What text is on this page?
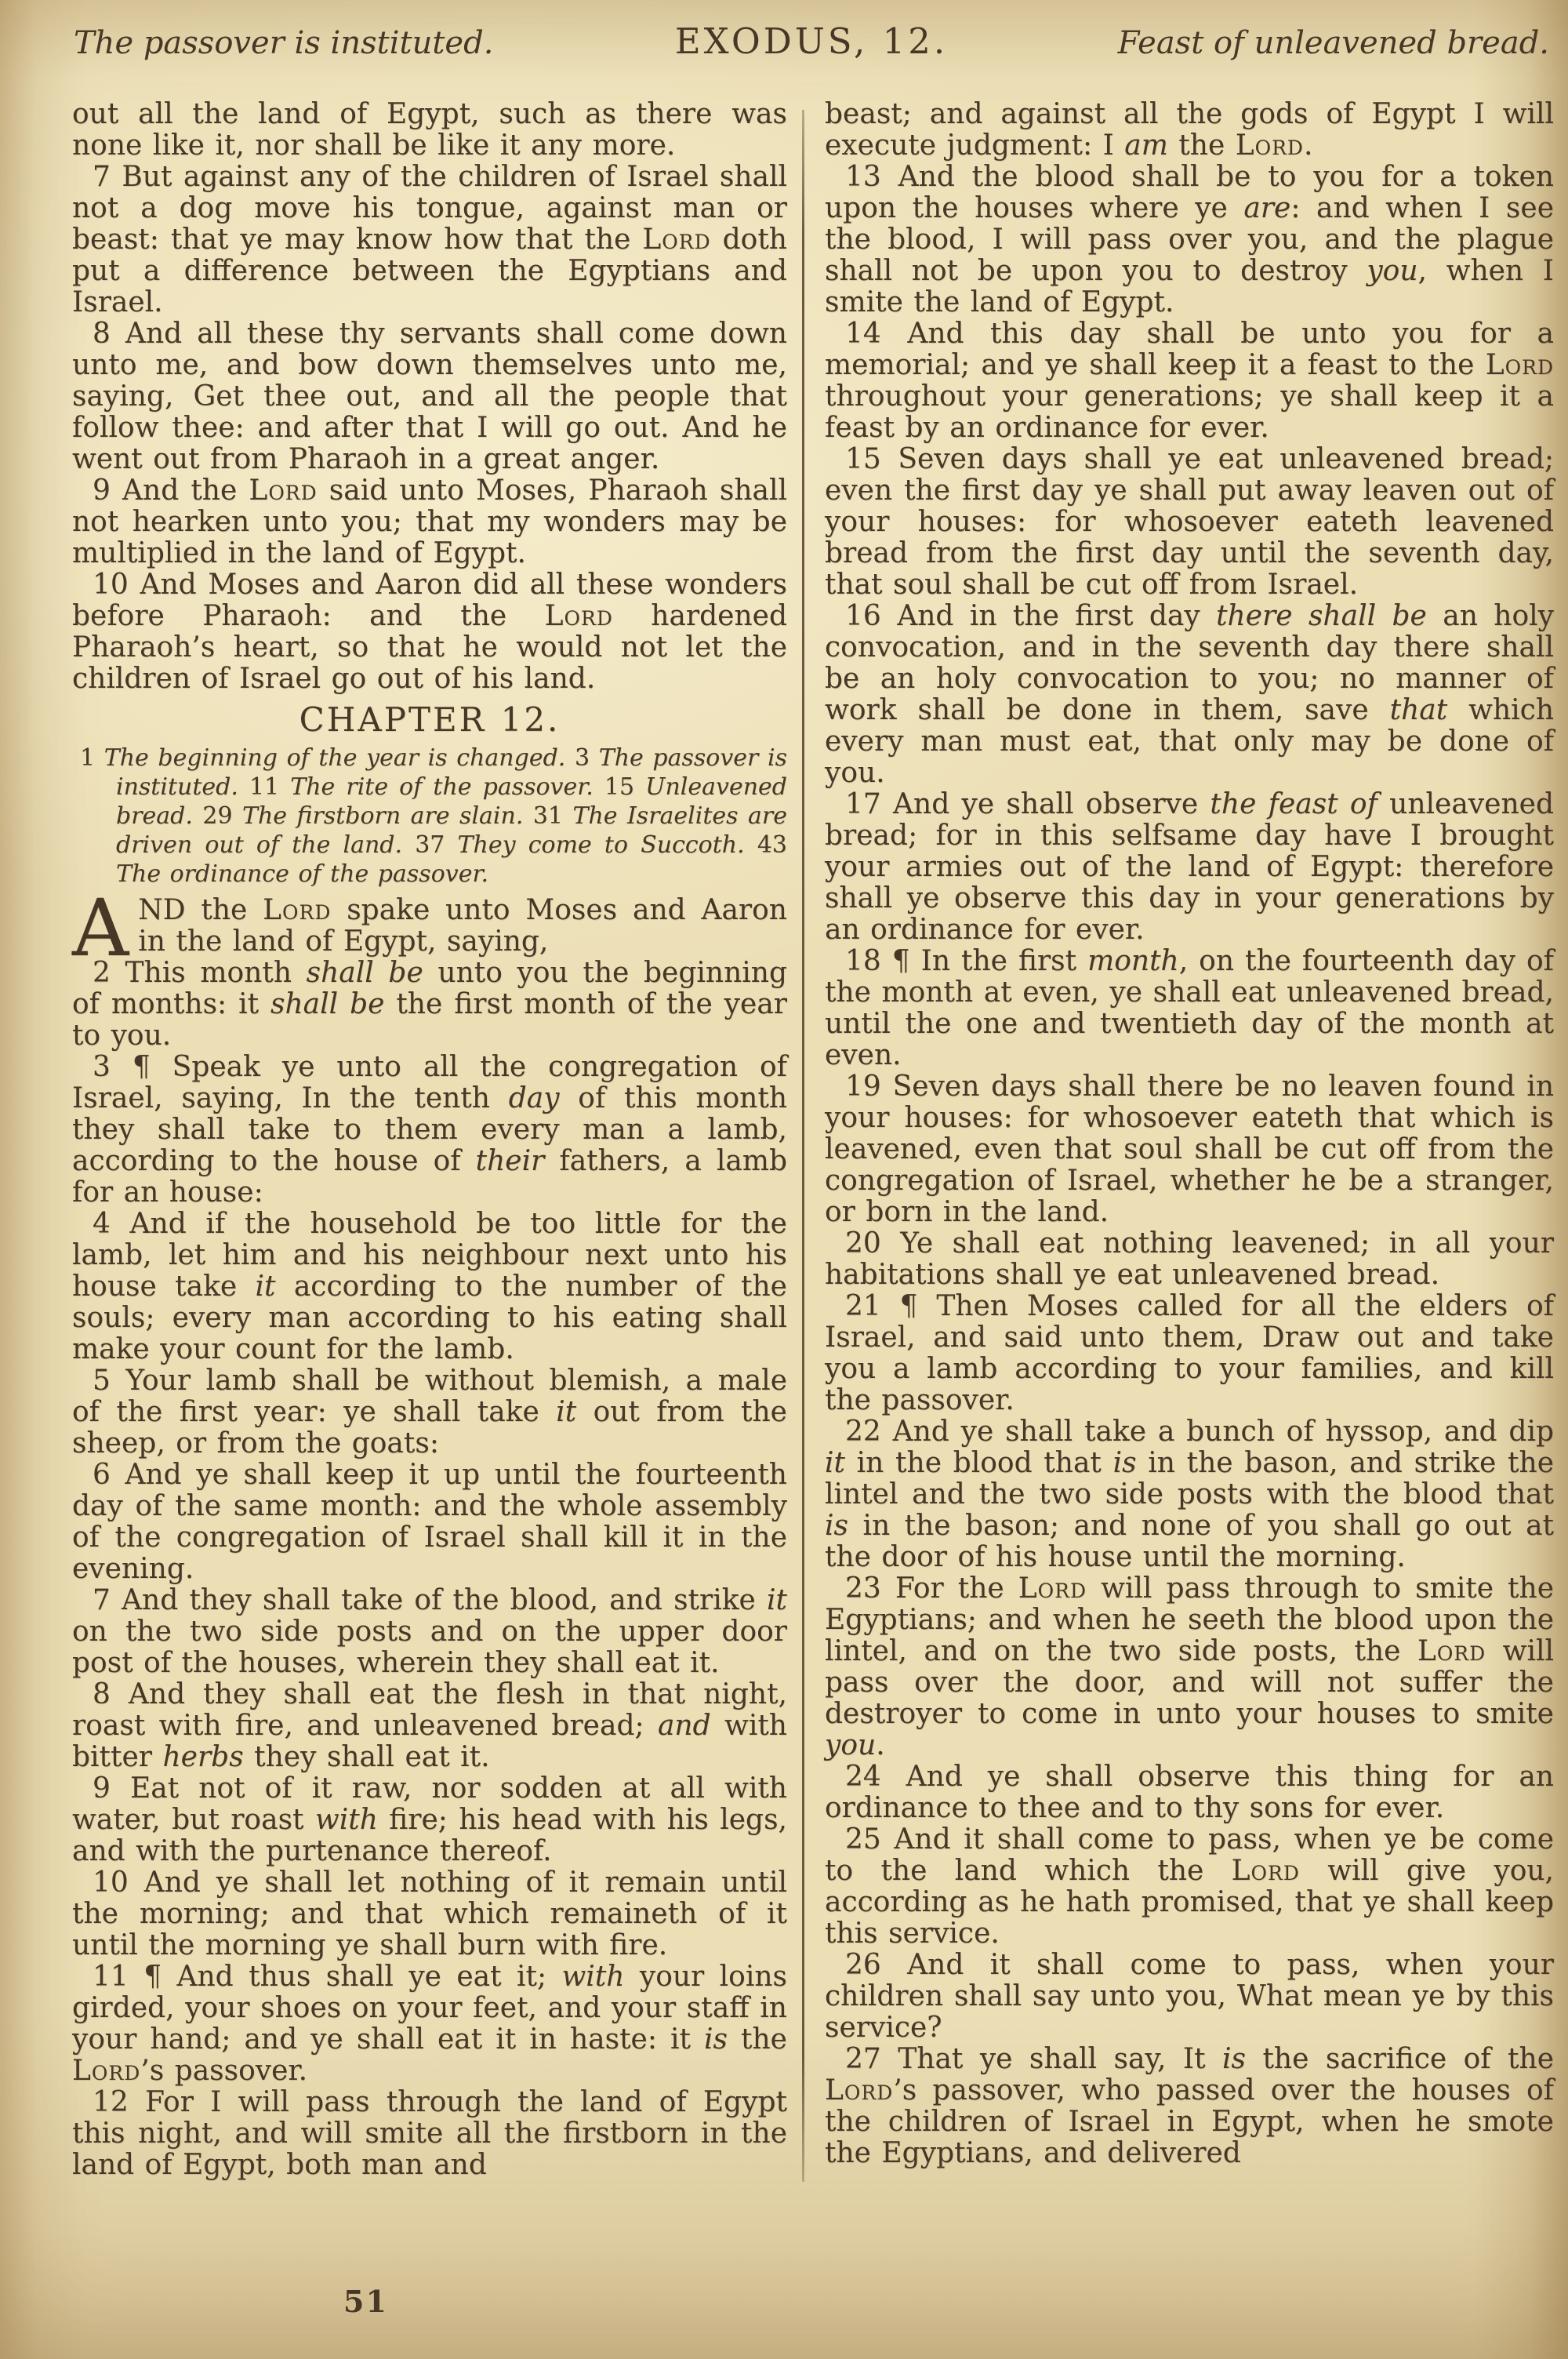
The passover is instituted.	EXODUS, 12.	Feast of unleavened bread.

out all the land of Egypt, such as there was none like it, nor shall be like it any more.

7 But against any of the children of Israel shall not a dog move his tongue, against man or beast: that ye may know how that the Lord doth put a difference between the Egyptians and Israel.

8 And all these thy servants shall come down unto me, and bow down themselves unto me, saying, Get thee out, and all the people that follow thee: and after that I will go out. And he went out from Pharaoh in a great anger.

9 And the Lord said unto Moses, Pharaoh shall not hearken unto you; that my wonders may be multiplied in the land of Egypt.

10 And Moses and Aaron did all these wonders before Pharaoh: and the Lord hardened Pharaoh’s heart, so that he would not let the children of Israel go out of his land.

CHAPTER 12.

1 The beginning of the year is changed. 3 The passover is instituted. 11 The rite of the passover. 15 Unleavened bread. 29 The firstborn are slain. 31 The Israelites are driven out of the land. 37 They come to Succoth. 43 The ordinance of the passover.

AND the Lord spake unto Moses and Aaron in the land of Egypt, saying,

2 This month shall be unto you the beginning of months: it shall be the first month of the year to you.

3 ¶ Speak ye unto all the congregation of Israel, saying, In the tenth day of this month they shall take to them every man a lamb, according to the house of their fathers, a lamb for an house:

4 And if the household be too little for the lamb, let him and his neighbour next unto his house take it according to the number of the souls; every man according to his eating shall make your count for the lamb.

5 Your lamb shall be without blemish, a male of the first year: ye shall take it out from the sheep, or from the goats:

6 And ye shall keep it up until the fourteenth day of the same month: and the whole assembly of the congregation of Israel shall kill it in the evening.

7 And they shall take of the blood, and strike it on the two side posts and on the upper door post of the houses, wherein they shall eat it.

8 And they shall eat the flesh in that night, roast with fire, and unleavened bread; and with bitter herbs they shall eat it.

9 Eat not of it raw, nor sodden at all with water, but roast with fire; his head with his legs, and with the purtenance thereof.

10 And ye shall let nothing of it remain until the morning; and that which remaineth of it until the morning ye shall burn with fire.

11 ¶ And thus shall ye eat it; with your loins girded, your shoes on your feet, and your staff in your hand; and ye shall eat it in haste: it is the Lord’s passover.

12 For I will pass through the land of Egypt this night, and will smite all the firstborn in the land of Egypt, both man and

beast; and against all the gods of Egypt I will execute judgment: I am the Lord.

13 And the blood shall be to you for a token upon the houses where ye are: and when I see the blood, I will pass over you, and the plague shall not be upon you to destroy you, when I smite the land of Egypt.

14 And this day shall be unto you for a memorial; and ye shall keep it a feast to the Lord throughout your generations; ye shall keep it a feast by an ordinance for ever.

15 Seven days shall ye eat unleavened bread; even the first day ye shall put away leaven out of your houses: for whosoever eateth leavened bread from the first day until the seventh day, that soul shall be cut off from Israel.

16 And in the first day there shall be an holy convocation, and in the seventh day there shall be an holy convocation to you; no manner of work shall be done in them, save that which every man must eat, that only may be done of you.

17 And ye shall observe the feast of unleavened bread; for in this selfsame day have I brought your armies out of the land of Egypt: therefore shall ye observe this day in your generations by an ordinance for ever.

18 ¶ In the first month, on the fourteenth day of the month at even, ye shall eat unleavened bread, until the one and twentieth day of the month at even.

19 Seven days shall there be no leaven found in your houses: for whosoever eateth that which is leavened, even that soul shall be cut off from the congregation of Israel, whether he be a stranger, or born in the land.

20 Ye shall eat nothing leavened; in all your habitations shall ye eat unleavened bread.

21 ¶ Then Moses called for all the elders of Israel, and said unto them, Draw out and take you a lamb according to your families, and kill the passover.

22 And ye shall take a bunch of hyssop, and dip it in the blood that is in the bason, and strike the lintel and the two side posts with the blood that is in the bason; and none of you shall go out at the door of his house until the morning.

23 For the Lord will pass through to smite the Egyptians; and when he seeth the blood upon the lintel, and on the two side posts, the Lord will pass over the door, and will not suffer the destroyer to come in unto your houses to smite you.

24 And ye shall observe this thing for an ordinance to thee and to thy sons for ever.

25 And it shall come to pass, when ye be come to the land which the Lord will give you, according as he hath promised, that ye shall keep this service.

26 And it shall come to pass, when your children shall say unto you, What mean ye by this service?

27 That ye shall say, It is the sacrifice of the Lord’s passover, who passed over the houses of the children of Israel in Egypt, when he smote the Egyptians, and delivered

51
